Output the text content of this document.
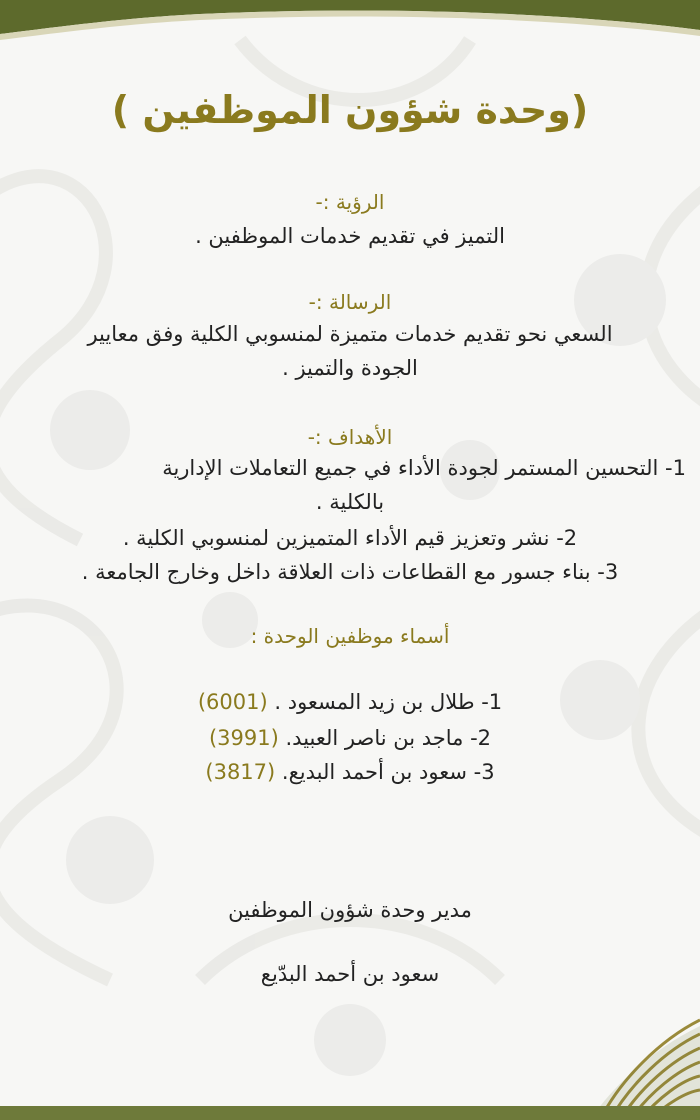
(وحدة شؤون الموظفين )
الرؤية :-
التميز في تقديم خدمات الموظفين .
الرسالة :-
السعي نحو تقديم خدمات متميزة لمنسوبي الكلية وفق معايير
الجودة والتميز .
الأهداف :-
1- التحسين المستمر لجودة الأداء في جميع التعاملات الإدارية
بالكلية .
2- نشر وتعزيز قيم الأداء المتميزين لمنسوبي الكلية .
3- بناء جسور مع القطاعات ذات العلاقة داخل وخارج الجامعة .
أسماء موظفين الوحدة :
1- طلال بن زيد المسعود . (6001)
2- ماجد بن ناصر العبيد. (3991)
3- سعود بن أحمد البديع. (3817)
مدير وحدة شؤون الموظفين
سعود بن أحمد البدّيع
